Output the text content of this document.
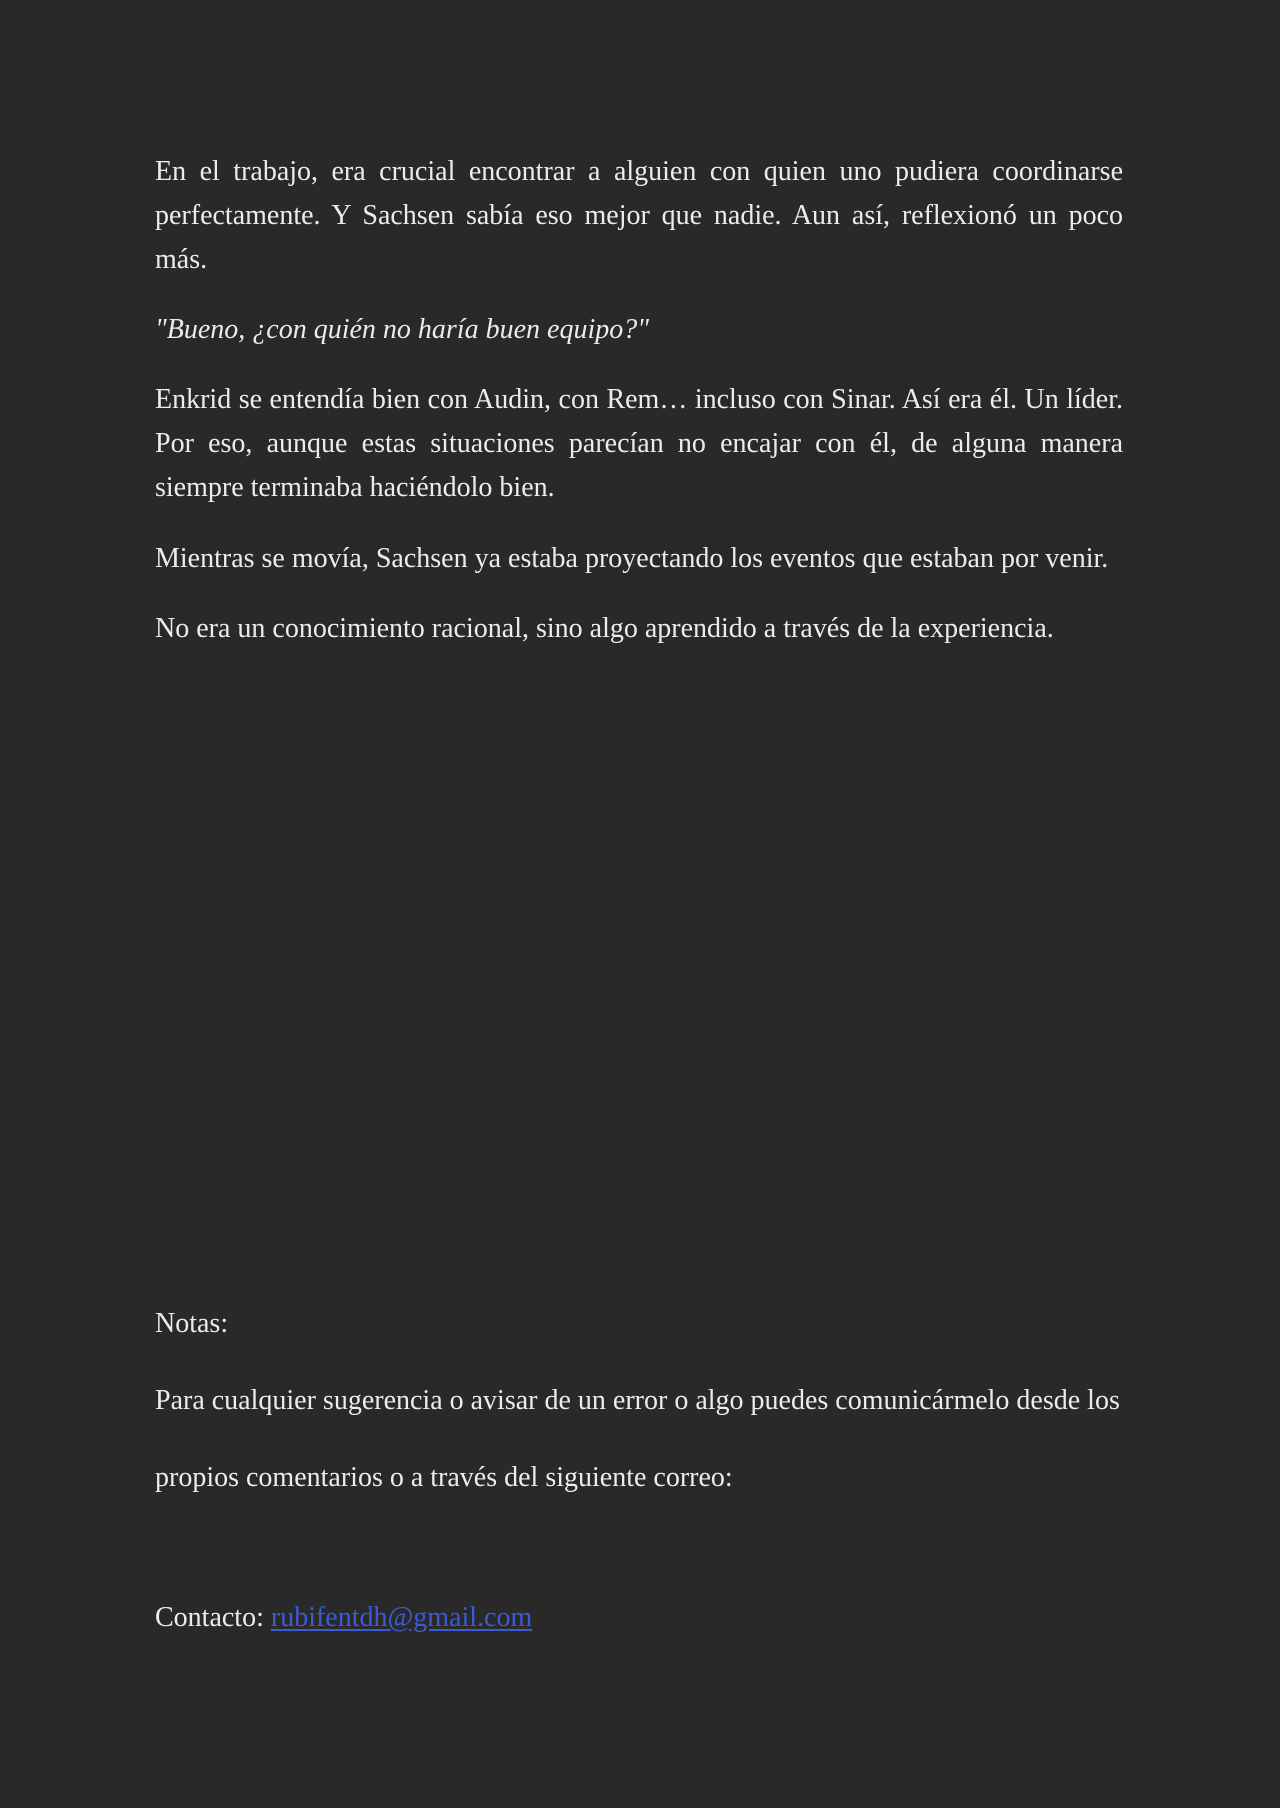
En el trabajo, era crucial encontrar a alguien con quien uno pudiera coordinarse perfectamente. Y Sachsen sabía eso mejor que nadie. Aun así, reflexionó un poco más.

"Bueno, ¿con quién no haría buen equipo?"

Enkrid se entendía bien con Audin, con Rem… incluso con Sinar. Así era él. Un líder. Por eso, aunque estas situaciones parecían no encajar con él, de alguna manera siempre terminaba haciéndolo bien.

Mientras se movía, Sachsen ya estaba proyectando los eventos que estaban por venir.

No era un conocimiento racional, sino algo aprendido a través de la experiencia.

Notas:

Para cualquier sugerencia o avisar de un error o algo puedes comunicármelo desde los

propios comentarios o a través del siguiente correo:

Contacto: rubifentdh@gmail.com
